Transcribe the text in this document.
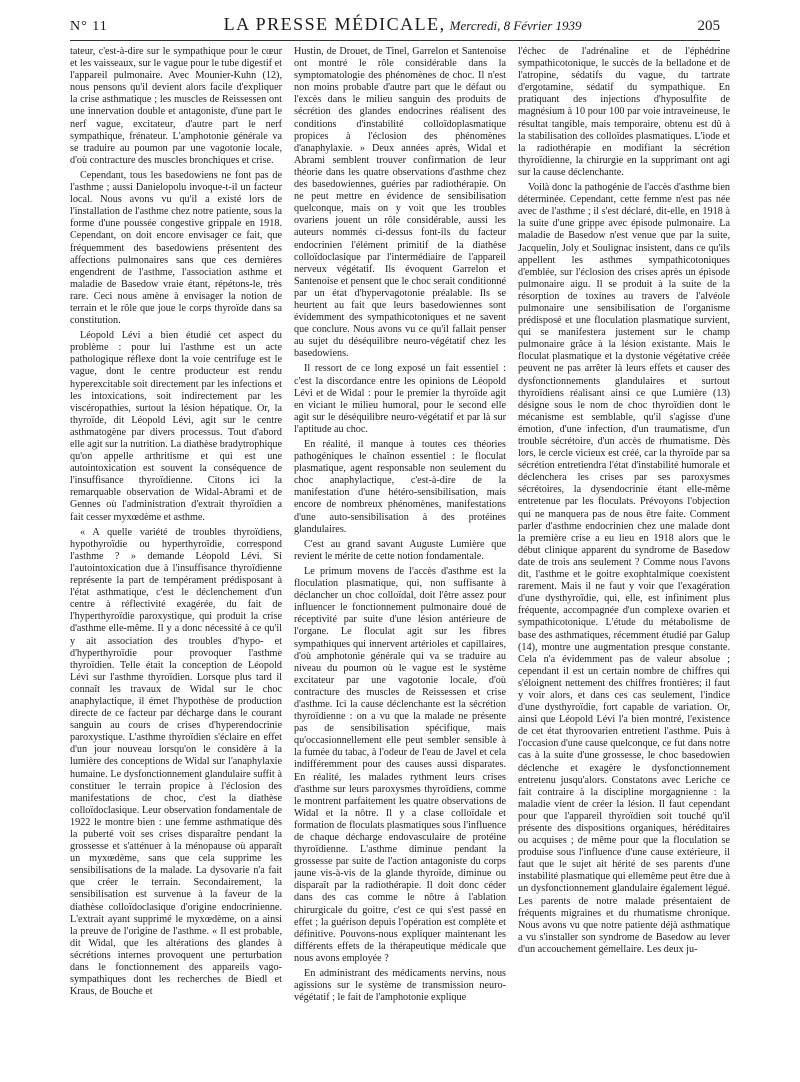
N° 11	LA PRESSE MÉDICALE, Mercredi, 8 Février 1939	205

tateur, c'est-à-dire sur le sympathique pour le cœur et les vaisseaux, sur le vague pour le tube digestif et l'appareil pulmonaire. Avec Mounier-Kuhn (12), nous pensons qu'il devient alors facile d'expliquer la crise asthmatique ; les muscles de Reissessen ont une innervation double et antagoniste, d'une part le nerf vague, excitateur, d'autre part le nerf sympathique, frénateur. L'amphotonie générale va se traduire au poumon par une vagotonie locale, d'où contracture des muscles bronchiques et crise.

Cependant, tous les basedowiens ne font pas de l'asthme ; aussi Danielopolu invoque-t-il un facteur local. Nous avons vu qu'il a existé lors de l'installation de l'asthme chez notre patiente, sous la forme d'une poussée congestive grippale en 1918. Cependant, on doit encore envisager ce fait, que fréquemment des basedowiens présentent des affections pulmonaires sans que ces dernières engendrent de l'asthme, l'association asthme et maladie de Basedow vraie étant, répétons-le, très rare. Ceci nous amène à envisager la notion de terrain et le rôle que joue le corps thyroïde dans sa constitution.

Léopold Lévi a bien étudié cet aspect du problème : pour lui l'asthme est un acte pathologique réflexe dont la voie centrifuge est le vague, dont le centre producteur est rendu hyperexcitable soit directement par les infections et les intoxications, soit indirectement par les viscéropathies, surtout la lésion hépatique. Or, la thyroïde, dit Léopold Lévi, agit sur le centre asthmatogène par divers processus. Tout d'abord elle agit sur la nutrition. La diathèse bradytrophique qu'on appelle arthritisme et qui est une autointoxication est souvent la conséquence de l'insuffisance thyroïdienne. Citons ici la remarquable observation de Widal-Abrami et de Gennes où l'administration d'extrait thyroïdien a fait cesser myxœdème et asthme.

« A quelle variété de troubles thyroïdiens, hypothyroïdie ou hyperthyroïdie, correspond l'asthme ? » demande Léopold Lévi. Si l'autointoxication due à l'insuffisance thyroïdienne représente la part de tempérament prédisposant à l'état asthmatique, c'est le déclenchement d'un centre à réflectivité exagérée, du fait de l'hyperthyroïdie paroxystique, qui produit la crise d'asthme elle-même. Il y a donc nécessité à ce qu'il y ait association des troubles d'hypo- et d'hyperthyroïdie pour provoquer l'asthme thyroïdien. Telle était la conception de Léopold Lévi sur l'asthme thyroïdien. Lorsque plus tard il connaît les travaux de Widal sur le choc anaphylactique, il émet l'hypothèse de production directe de ce facteur par décharge dans le courant sanguin au cours de crises d'hyperendocrinie paroxystique. L'asthme thyroïdien s'éclaire en effet d'un jour nouveau lorsqu'on le considère à la lumière des conceptions de Widal sur l'anaphylaxie humaine. Le dysfonctionnement glandulaire suffit à constituer le terrain propice à l'éclosion des manifestations de choc, c'est la diathèse colloïdoclasique. Leur observation fondamentale de 1922 le montre bien : une femme asthmatique dès la puberté voit ses crises disparaître pendant la grossesse et s'atténuer à la ménopause où apparaît un myxœdème, sans que cela supprime les sensibilisations de la malade. La dysovarie n'a fait que créer le terrain. Secondairement, la sensibilisation est survenue à la faveur de la diathèse colloïdoclasique d'origine endocrinienne. L'extrait ayant supprimé le myxœdème, on a ainsi la preuve de l'origine de l'asthme. « Il est probable, dit Widal, que les altérations des glandes à sécrétions internes provoquent une perturbation dans le fonctionnement des appareils vago-sympathiques dont les recherches de Biedl et Kraus, de Bouche et

Hustin, de Drouet, de Tinel, Garrelon et Santenoise ont montré le rôle considérable dans la symptomatologie des phénomènes de choc. Il n'est non moins probable d'autre part que le défaut ou l'excès dans le milieu sanguin des produits de sécrétion des glandes endocrines réalisent des conditions d'instabilité colloïdoplasmatique propices à l'éclosion des phénomènes d'anaphylaxie. » Deux années après, Widal et Abrami semblent trouver confirmation de leur théorie dans les quatre observations d'asthme chez des basedowiennes, guéries par radiothérapie. On ne peut mettre en évidence de sensibilisation quelconque, mais on y voit que les troubles ovariens jouent un rôle considérable, aussi les auteurs nommés ci-dessus font-ils du facteur endocrinien l'élément primitif de la diathèse colloïdoclasique par l'intermédiaire de l'appareil nerveux végétatif. Ils évoquent Garrelon et Santenoise et pensent que le choc serait conditionné par un état d'hypervagotonie préalable. Ils se heurtent au fait que leurs basedowiennes sont évidemment des sympathicotoniques et ne savent que conclure. Nous avons vu ce qu'il fallait penser au sujet du déséquilibre neuro-végétatif chez les basedowiens.

Il ressort de ce long exposé un fait essentiel : c'est la discordance entre les opinions de Léopold Lévi et de Widal : pour le premier la thyroïde agit en viciant le milieu humoral, pour le second elle agit sur le déséquilibre neuro-végétatif et par là sur l'aptitude au choc.

En réalité, il manque à toutes ces théories pathogéniques le chaînon essentiel : le floculat plasmatique, agent responsable non seulement du choc anaphylactique, c'est-à-dire de la manifestation d'une hétéro-sensibilisation, mais encore de nombreux phénomènes, manifestations d'une auto-sensibilisation à des protéines glandulaires.

C'est au grand savant Auguste Lumière que revient le mérite de cette notion fondamentale.

Le primum movens de l'accès d'asthme est la floculation plasmatique, qui, non suffisante à déclancher un choc colloïdal, doit l'être assez pour influencer le fonctionnement pulmonaire doué de réceptivité par suite d'une lésion antérieure de l'organe. Le floculat agit sur les fibres sympathiques qui innervent artérioles et capillaires, d'où amphotonie générale qui va se traduire au niveau du poumon où le vague est le système excitateur par une vagotonie locale, d'où contracture des muscles de Reissessen et crise d'asthme. Ici la cause déclenchante est la sécrétion thyroïdienne : on a vu que la malade ne présente pas de sensibilisation spécifique, mais qu'occasionnellement elle peut sembler sensible à la fumée du tabac, à l'odeur de l'eau de Javel et cela indifféremment pour des causes aussi disparates. En réalité, les malades rythment leurs crises d'asthme sur leurs paroxysmes thyroïdiens, comme le montrent parfaitement les quatre observations de Widal et la nôtre. Il y a clase colloïdale et formation de floculats plasmatiques sous l'influence de chaque décharge endovasculaire de protéine thyroïdienne. L'asthme diminue pendant la grossesse par suite de l'action antagoniste du corps jaune vis-à-vis de la glande thyroïde, diminue ou disparaît par la radiothérapie. Il doit donc céder dans des cas comme le nôtre à l'ablation chirurgicale du goitre, c'est ce qui s'est passé en effet ; la guérison depuis l'opération est complète et définitive. Pouvons-nous expliquer maintenant les différents effets de la thérapeutique médicale que nous avons employée ?

En administrant des médicaments nervins, nous agissions sur le système de transmission neuro-végétatif ; le fait de l'amphotonie explique

l'échec de l'adrénaline et de l'éphédrine sympathicotonique, le succès de la belladone et de l'atropine, sédatifs du vague, du tartrate d'ergotamine, sédatif du sympathique. En pratiquant des injections d'hyposulfite de magnésium à 10 pour 100 par voie intraveineuse, le résultat tangible, mais temporaire, obtenu est dû à la stabilisation des colloïdes plasmatiques. L'iode et la radiothérapie en modifiant la sécrétion thyroïdienne, la chirurgie en la supprimant ont agi sur la cause déclenchante.

Voilà donc la pathogénie de l'accès d'asthme bien déterminée. Cependant, cette femme n'est pas née avec de l'asthme ; il s'est déclaré, dit-elle, en 1918 à la suite d'une grippe avec épisode pulmonaire. La maladie de Basedow n'est venue que par la suite, Jacquelin, Joly et Soulignac insistent, dans ce qu'ils appellent les asthmes sympathicotoniques d'emblée, sur l'éclosion des crises après un épisode pulmonaire aigu. Il se produit à la suite de la résorption de toxines au travers de l'alvéole pulmonaire une sensibilisation de l'organisme prédisposé et une floculation plasmatique survient, qui se manifestera justement sur le champ pulmonaire grâce à la lésion existante. Mais le floculat plasmatique et la dystonie végétative créée peuvent ne pas arrêter là leurs effets et causer des dysfonctionnements glandulaires et surtout thyroïdiens réalisant ainsi ce que Lumière (13) désigne sous le nom de choc thyroïdien dont le mécanisme est semblable, qu'il s'agisse d'une émotion, d'une infection, d'un traumatisme, d'un trouble sécrétoire, d'un accès de rhumatisme. Dès lors, le cercle vicieux est créé, car la thyroïde par sa sécrétion entretiendra l'état d'instabilité humorale et déclenchera les crises par ses paroxysmes sécrétoires, la dysendocrinie étant elle-même entretenue par les floculats. Prévoyons l'objection qui ne manquera pas de nous être faite. Comment parler d'asthme endocrinien chez une malade dont la première crise a eu lieu en 1918 alors que le début clinique apparent du syndrome de Basedow date de trois ans seulement ? Comme nous l'avons dit, l'asthme et le goitre exophtalmique coexistent rarement. Mais il ne faut y voir que l'exagération d'une dysthyroïdie, qui, elle, est infiniment plus fréquente, accompagnée d'un complexe ovarien et sympathicotonique. L'étude du métabolisme de base des asthmatiques, récemment étudié par Galup (14), montre une augmentation presque constante. Cela n'a évidemment pas de valeur absolue ; cependant il est un certain nombre de chiffres qui s'éloignent nettement des chiffres frontières; il faut y voir alors, et dans ces cas seulement, l'indice d'une dysthyroïdie, fort capable de variation. Or, ainsi que Léopold Lévi l'a bien montré, l'existence de cet état thyroovarien entretient l'asthme. Puis à l'occasion d'une cause quelconque, ce fut dans notre cas à la suite d'une grossesse, le choc basedowien déclenche et exagère le dysfonctionnement entretenu jusqu'alors. Constatons avec Leriche ce fait contraire à la discipline morgagnienne : la maladie vient de créer la lésion. Il faut cependant pour que l'appareil thyroïdien soit touché qu'il présente des dispositions organiques, héréditaires ou acquises ; de même pour que la floculation se produise sous l'influence d'une cause extérieure, il faut que le sujet ait hérité de ses parents d'une instabilité plasmatique qui ellemême peut être due à un dysfonctionnement glandulaire également légué. Les parents de notre malade présentaient de fréquents migraines et du rhumatisme chronique. Nous avons vu que notre patiente déjà asthmatique a vu s'installer son syndrome de Basedow au lever d'un accouchement gémellaire. Les deux ju-
